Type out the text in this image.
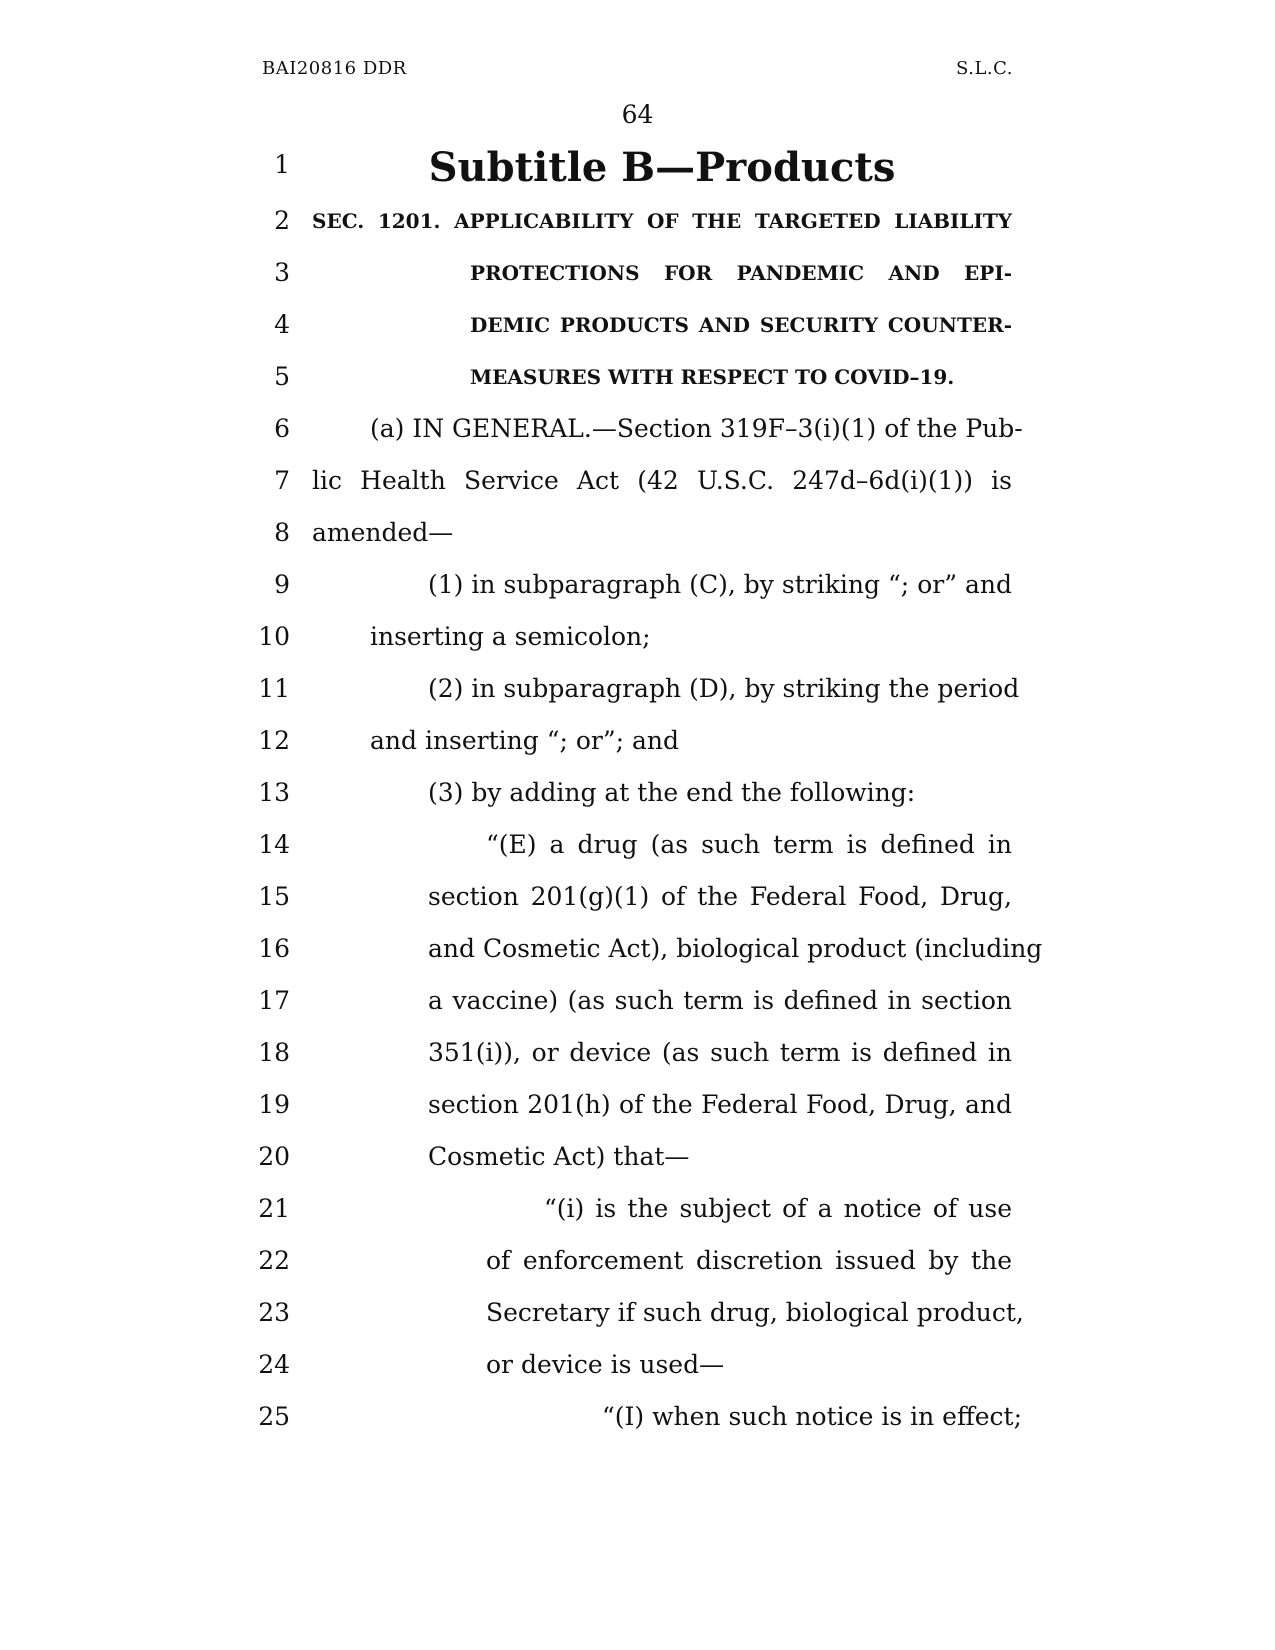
BAI20816 DDR	S.L.C.
64
1	Subtitle B—Products
2 SEC. 1201. APPLICABILITY OF THE TARGETED LIABILITY
3	PROTECTIONS FOR PANDEMIC AND EPI-
4	DEMIC PRODUCTS AND SECURITY COUNTER-
5	MEASURES WITH RESPECT TO COVID–19.
6	(a) IN GENERAL.—Section 319F–3(i)(1) of the Pub-
7 lic Health Service Act (42 U.S.C. 247d–6d(i)(1)) is
8 amended—
9	(1) in subparagraph (C), by striking “; or” and
10	inserting a semicolon;
11	(2) in subparagraph (D), by striking the period
12	and inserting “; or”; and
13	(3) by adding at the end the following:
14	“(E) a drug (as such term is defined in
15	section 201(g)(1) of the Federal Food, Drug,
16	and Cosmetic Act), biological product (including
17	a vaccine) (as such term is defined in section
18	351(i)), or device (as such term is defined in
19	section 201(h) of the Federal Food, Drug, and
20	Cosmetic Act) that—
21	“(i) is the subject of a notice of use
22	of enforcement discretion issued by the
23	Secretary if such drug, biological product,
24	or device is used—
25	“(I) when such notice is in effect;
